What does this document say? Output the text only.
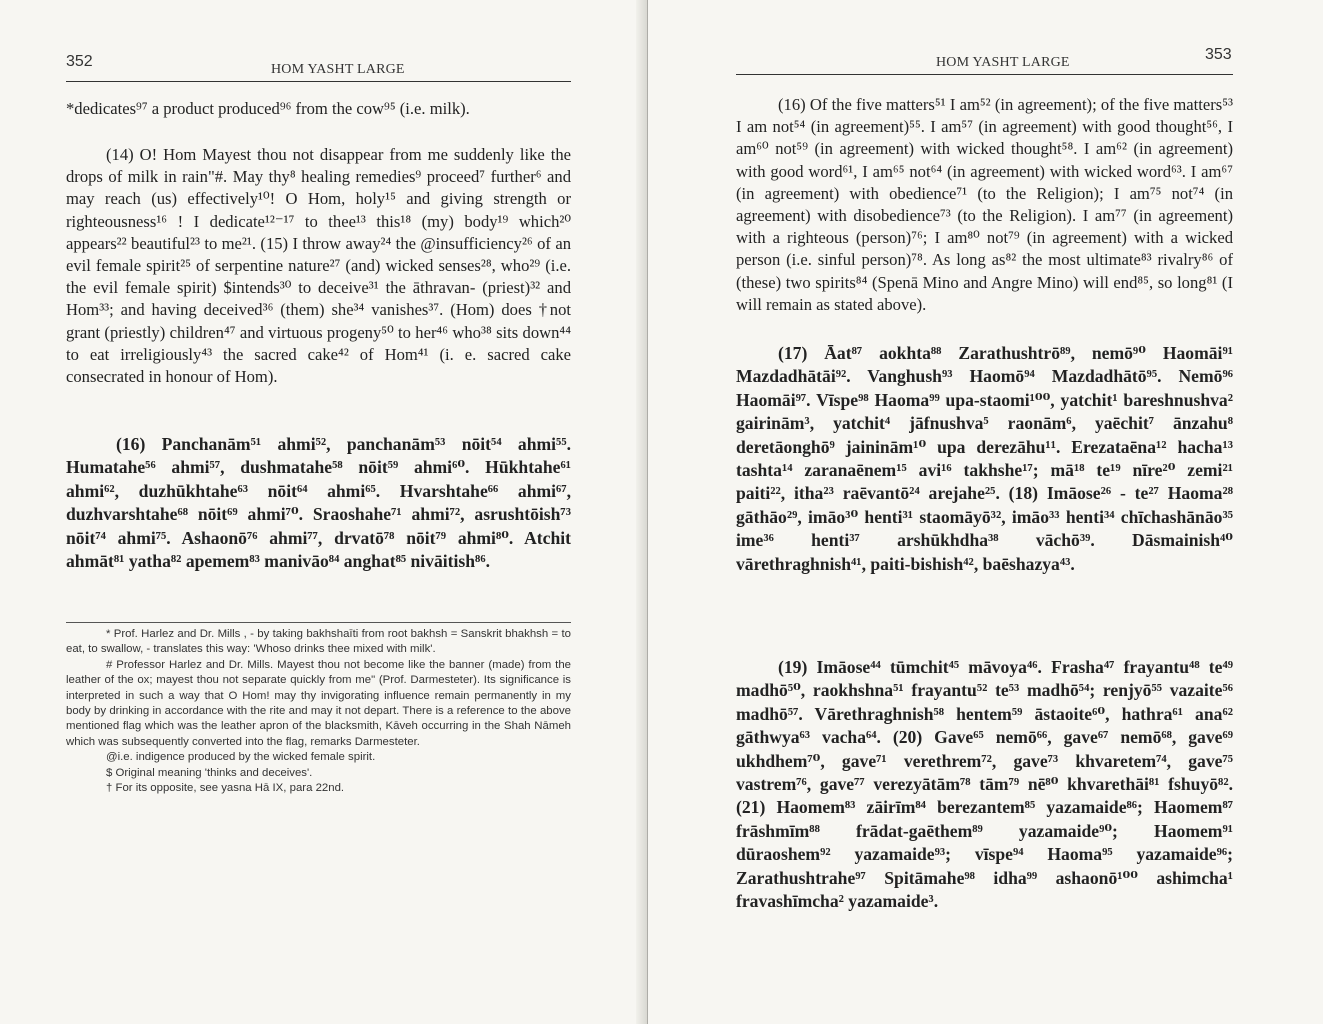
352	HOM YASHT LARGE

*dedicates⁹⁷ a product produced⁹⁶ from the cow⁹⁵ (i.e. milk).

(14) O! Hom Mayest thou not disappear from me suddenly like the drops of milk in rain"#. May thy⁸ healing remedies⁹ proceed⁷ further⁶ and may reach (us) effectively¹⁰! O Hom, holy¹⁵ and giving strength or righteousness¹⁶ ! I dedicate¹²⁻¹⁷ to thee¹³ this¹⁸ (my) body¹⁹ which²⁰ appears²² beautiful²³ to me²¹. (15) I throw away²⁴ the @insufficiency²⁶ of an evil female spirit²⁵ of serpentine nature²⁷ (and) wicked senses²⁸, who²⁹ (i.e. the evil female spirit) $intends³⁰ to deceive³¹ the āthravan- (priest)³² and Hom³³; and having deceived³⁶ (them) she³⁴ vanishes³⁷. (Hom) does †not grant (priestly) children⁴⁷ and virtuous progeny⁵⁰ to her⁴⁶ who³⁸ sits down⁴⁴ to eat irreligiously⁴³ the sacred cake⁴² of Hom⁴¹ (i. e. sacred cake consecrated in honour of Hom).

(16) Panchanām⁵¹ ahmi⁵², panchanām⁵³ nōit⁵⁴ ahmi⁵⁵. Humatahe⁵⁶ ahmi⁵⁷, dushmatahe⁵⁸ nōit⁵⁹ ahmi⁶⁰. Hūkhtahe⁶¹ ahmi⁶², duzhūkhtahe⁶³ nōit⁶⁴ ahmi⁶⁵. Hvarshtahe⁶⁶ ahmi⁶⁷, duzhvarshtahe⁶⁸ nōit⁶⁹ ahmi⁷⁰. Sraoshahe⁷¹ ahmi⁷², asrushtōish⁷³ nōit⁷⁴ ahmi⁷⁵. Ashaonō⁷⁶ ahmi⁷⁷, drvatō⁷⁸ nōit⁷⁹ ahmi⁸⁰. Atchit ahmāt⁸¹ yatha⁸² apemem⁸³ manivāo⁸⁴ anghat⁸⁵ nivāitish⁸⁶.

* Prof. Harlez and Dr. Mills , - by taking bakhshaīti from root bakhsh = Sanskrit bhakhsh = to eat, to swallow, - translates this way: 'Whoso drinks thee mixed with milk'.

# Professor Harlez and Dr. Mills. Mayest thou not become like the banner (made) from the leather of the ox; mayest thou not separate quickly from me" (Prof. Darmesteter). Its significance is interpreted in such a way that O Hom! may thy invigorating influence remain permanently in my body by drinking in accordance with the rite and may it not depart. There is a reference to the above mentioned flag which was the leather apron of the blacksmith, Kāveh occurring in the Shah Nāmeh which was subsequently converted into the flag, remarks Darmesteter.

@i.e. indigence produced by the wicked female spirit.

$ Original meaning 'thinks and deceives'.

† For its opposite, see yasna Hā IX, para 22nd.

HOM YASHT LARGE	353

(16) Of the five matters⁵¹ I am⁵² (in agreement); of the five matters⁵³ I am not⁵⁴ (in agreement)⁵⁵. I am⁵⁷ (in agreement) with good thought⁵⁶, I am⁶⁰ not⁵⁹ (in agreement) with wicked thought⁵⁸. I am⁶² (in agreement) with good word⁶¹, I am⁶⁵ not⁶⁴ (in agreement) with wicked word⁶³. I am⁶⁷ (in agreement) with obedience⁷¹ (to the Religion); I am⁷⁵ not⁷⁴ (in agreement) with disobedience⁷³ (to the Religion). I am⁷⁷ (in agreement) with a righteous (person)⁷⁶; I am⁸⁰ not⁷⁹ (in agreement) with a wicked person (i.e. sinful person)⁷⁸. As long as⁸² the most ultimate⁸³ rivalry⁸⁶ of (these) two spirits⁸⁴ (Spenā Mino and Angre Mino) will end⁸⁵, so long⁸¹ (I will remain as stated above).

(17) Āat⁸⁷ aokhta⁸⁸ Zarathushtrō⁸⁹, nemō⁹⁰ Haomāi⁹¹ Mazdadhātāi⁹². Vanghush⁹³ Haomō⁹⁴ Mazdadhātō⁹⁵. Nemō⁹⁶ Haomāi⁹⁷. Vīspe⁹⁸ Haoma⁹⁹ upa-staomi¹⁰⁰, yatchit¹ bareshnushva² gairinām³, yatchit⁴ jāfnushva⁵ raonām⁶, yaēchit⁷ ānzahu⁸ deretāonghō⁹ jaininām¹⁰ upa derezāhu¹¹. Erezataēna¹² hacha¹³ tashta¹⁴ zaranaēnem¹⁵ avi¹⁶ takhshe¹⁷; mā¹⁸ te¹⁹ nīre²⁰ zemi²¹ paiti²², itha²³ raēvantō²⁴ arejahe²⁵. (18) Imāose²⁶ - te²⁷ Haoma²⁸ gāthāo²⁹, imāo³⁰ henti³¹ staomāyō³², imāo³³ henti³⁴ chīchashānāo³⁵ ime³⁶ henti³⁷ arshūkhdha³⁸ vāchō³⁹. Dāsmainish⁴⁰ vārethraghnish⁴¹, paiti-bishish⁴², baēshazya⁴³.

(19) Imāose⁴⁴ tūmchit⁴⁵ māvoya⁴⁶. Frasha⁴⁷ frayantu⁴⁸ te⁴⁹ madhō⁵⁰, raokhshna⁵¹ frayantu⁵² te⁵³ madhō⁵⁴; renjyō⁵⁵ vazaite⁵⁶ madhō⁵⁷. Vārethraghnish⁵⁸ hentem⁵⁹ āstaoite⁶⁰, hathra⁶¹ ana⁶² gāthwya⁶³ vacha⁶⁴. (20) Gave⁶⁵ nemō⁶⁶, gave⁶⁷ nemō⁶⁸, gave⁶⁹ ukhdhem⁷⁰, gave⁷¹ verethrem⁷², gave⁷³ khvaretem⁷⁴, gave⁷⁵ vastrem⁷⁶, gave⁷⁷ verezyātām⁷⁸ tām⁷⁹ nē⁸⁰ khvarethāi⁸¹ fshuyō⁸². (21) Haomem⁸³ zāirīm⁸⁴ berezantem⁸⁵ yazamaide⁸⁶; Haomem⁸⁷ frāshmīm⁸⁸ frādat-gaēthem⁸⁹ yazamaide⁹⁰; Haomem⁹¹ dūraoshem⁹² yazamaide⁹³; vīspe⁹⁴ Haoma⁹⁵ yazamaide⁹⁶; Zarathushtrahe⁹⁷ Spitāmahe⁹⁸ idha⁹⁹ ashaonō¹⁰⁰ ashimcha¹ fravashīmcha² yazamaide³.
